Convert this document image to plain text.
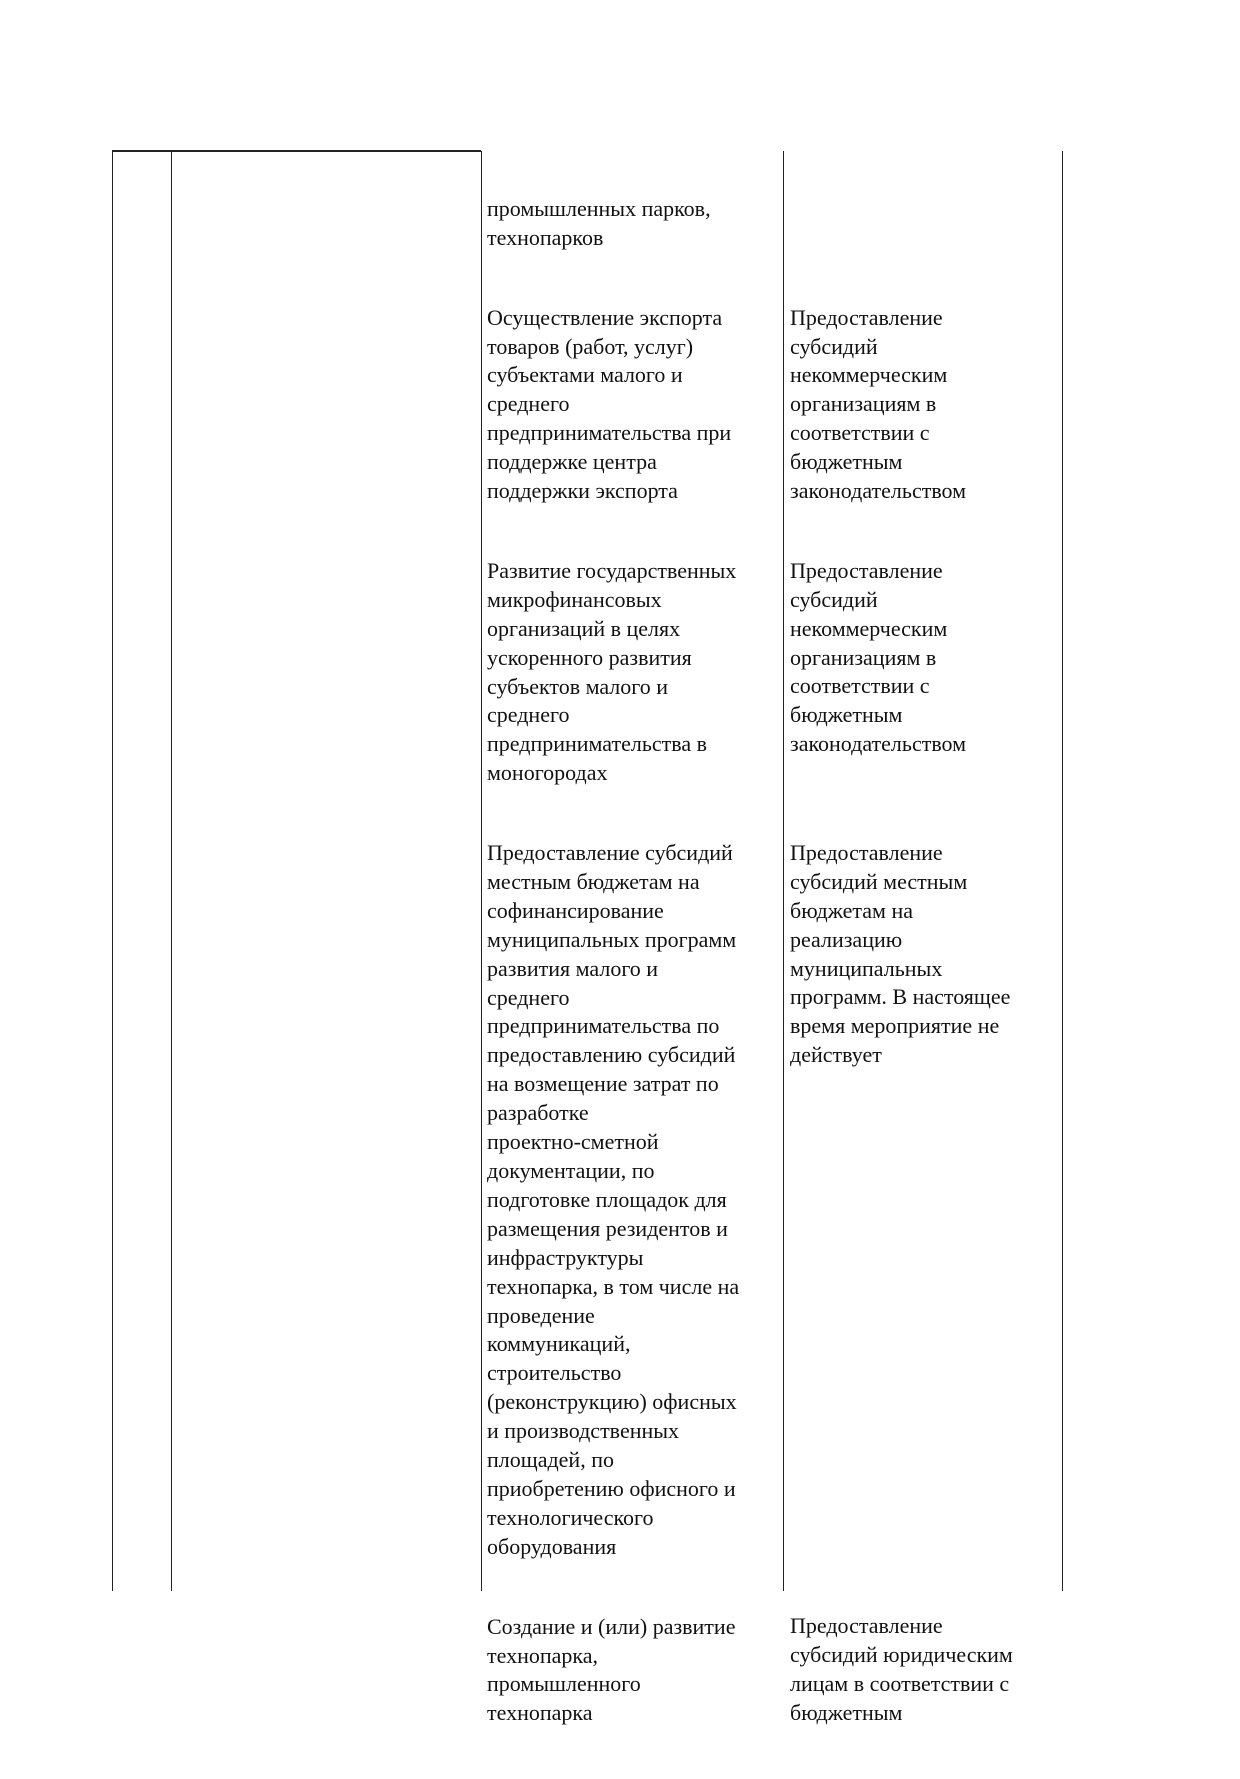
промышленных парков,
технопарков

Осуществление экспорта
товаров (работ, услуг)
субъектами малого и
среднего
предпринимательства при
поддержке центра
поддержки экспорта

Развитие государственных
микрофинансовых
организаций в целях
ускоренного развития
субъектов малого и
среднего
предпринимательства в
моногородах

Предоставление субсидий
местным бюджетам на
софинансирование
муниципальных программ
развития малого и
среднего
предпринимательства по
предоставлению субсидий
на возмещение затрат по
разработке
проектно-сметной
документации, по
подготовке площадок для
размещения резидентов и
инфраструктуры
технопарка, в том числе на
проведение
коммуникаций,
строительство
(реконструкцию) офисных
и производственных
площадей, по
приобретению офисного и
технологического
оборудования

Создание и (или) развитие
технопарка,
промышленного
технопарка

Предоставление
субсидий
некоммерческим
организациям в
соответствии с
бюджетным
законодательством

Предоставление
субсидий
некоммерческим
организациям в
соответствии с
бюджетным
законодательством

Предоставление
субсидий местным
бюджетам на
реализацию
муниципальных
программ. В настоящее
время мероприятие не
действует

Предоставление
субсидий юридическим
лицам в соответствии с
бюджетным
